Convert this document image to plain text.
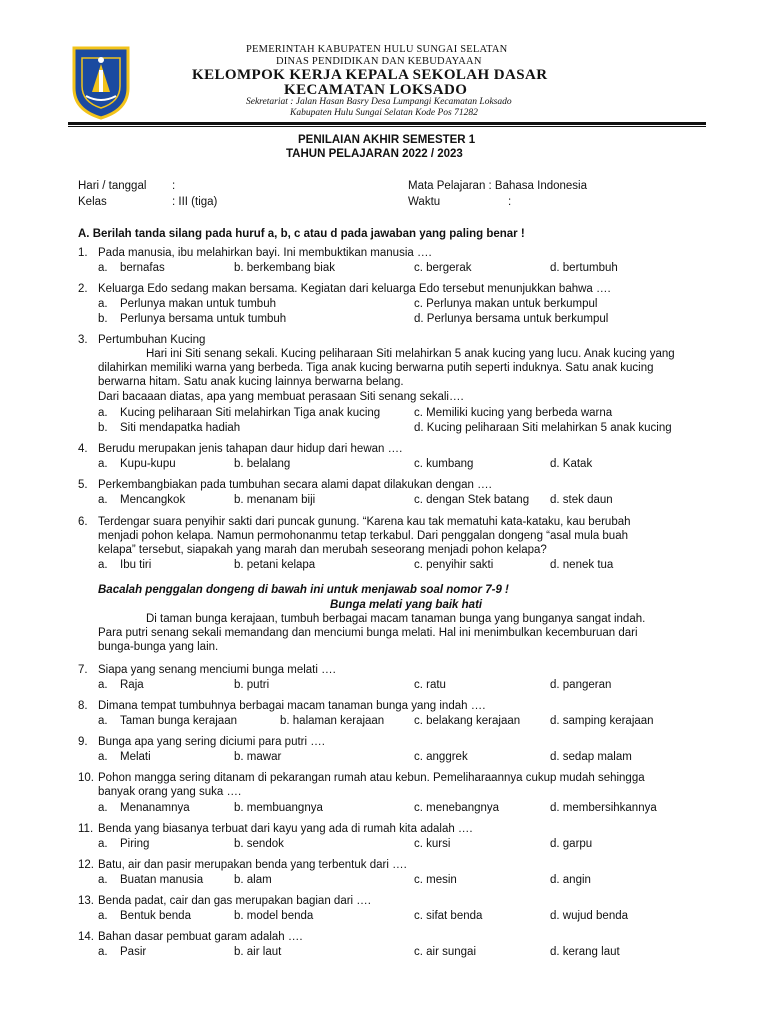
PEMERINTAH KABUPATEN HULU SUNGAI SELATAN
DINAS PENDIDIKAN DAN KEBUDAYAAN
KELOMPOK KERJA KEPALA SEKOLAH DASAR
KECAMATAN LOKSADO
Sekretariat : Jalan Hasan Basry Desa Lumpangi Kecamatan Loksado
Kabupaten Hulu Sungai Selatan Kode Pos 71282
PENILAIAN AKHIR SEMESTER 1
TAHUN PELAJARAN 2022 / 2023
Hari / tanggal :	Mata Pelajaran : Bahasa Indonesia
Kelas	: III (tiga)	Waktu	:
A. Berilah tanda silang pada huruf a, b, c atau d pada jawaban yang paling benar !
1. Pada manusia, ibu melahirkan bayi. Ini membuktikan manusia ….
a. bernafas	b. berkembang biak	c. bergerak	d. bertumbuh
2. Keluarga Edo sedang makan bersama. Kegiatan dari keluarga Edo tersebut menunjukkan bahwa ….
a. Perlunya makan untuk tumbuh	c. Perlunya makan untuk berkumpul
b. Perlunya bersama untuk tumbuh	d. Perlunya bersama untuk berkumpul
3. Pertumbuhan Kucing
Hari ini Siti senang sekali. Kucing peliharaan Siti melahirkan 5 anak kucing yang lucu. Anak kucing yang
dilahirkan memiliki warna yang berbeda. Tiga anak kucing berwarna putih seperti induknya. Satu anak kucing
berwarna hitam. Satu anak kucing lainnya berwarna belang.
Dari bacaaan diatas, apa yang membuat perasaan Siti senang sekali….
a. Kucing peliharaan Siti melahirkan Tiga anak kucing	c. Memiliki kucing yang berbeda warna
b. Siti mendapatka hadiah	d. Kucing peliharaan Siti melahirkan 5 anak kucing
4. Berudu merupakan jenis tahapan daur hidup dari hewan ….
a. Kupu-kupu	b. belalang	c. kumbang	d. Katak
5. Perkembangbiakan pada tumbuhan secara alami dapat dilakukan dengan ….
a. Mencangkok	b. menanam biji	c. dengan Stek batang d. stek daun
6. Terdengar suara penyihir sakti dari puncak gunung. “Karena kau tak mematuhi kata-kataku, kau berubah
menjadi pohon kelapa. Namun permohonanmu tetap terkabul. Dari penggalan dongeng “asal mula buah
kelapa” tersebut, siapakah yang marah dan merubah seseorang menjadi pohon kelapa?
a. Ibu tiri	b. petani kelapa	c. penyihir sakti	d. nenek tua
Bacalah penggalan dongeng di bawah ini untuk menjawab soal nomor 7-9 !
Bunga melati yang baik hati
Di taman bunga kerajaan, tumbuh berbagai macam tanaman bunga yang bunganya sangat indah.
Para putri senang sekali memandang dan menciumi bunga melati. Hal ini menimbulkan kecemburuan dari
bunga-bunga yang lain.
7. Siapa yang senang menciumi bunga melati ….
a. Raja	b. putri	c. ratu	d. pangeran
8. Dimana tempat tumbuhnya berbagai macam tanaman bunga yang indah ….
a. Taman bunga kerajaan	b. halaman kerajaan	c. belakang kerajaan	d. samping kerajaan
9. Bunga apa yang sering diciumi para putri ….
a. Melati	b. mawar	c. anggrek	d. sedap malam
10. Pohon mangga sering ditanam di pekarangan rumah atau kebun. Pemeliharaannya cukup mudah sehingga
banyak orang yang suka ….
a. Menanamnya	b. membuangnya	c. menebangnya	d. membersihkannya
11. Benda yang biasanya terbuat dari kayu yang ada di rumah kita adalah ….
a. Piring	b. sendok	c. kursi	d. garpu
12. Batu, air dan pasir merupakan benda yang terbentuk dari ….
a. Buatan manusia	b. alam	c. mesin	d. angin
13. Benda padat, cair dan gas merupakan bagian dari ….
a. Bentuk benda	b. model benda	c. sifat benda	d. wujud benda
14. Bahan dasar pembuat garam adalah ….
a. Pasir	b. air laut	c. air sungai	d. kerang laut
